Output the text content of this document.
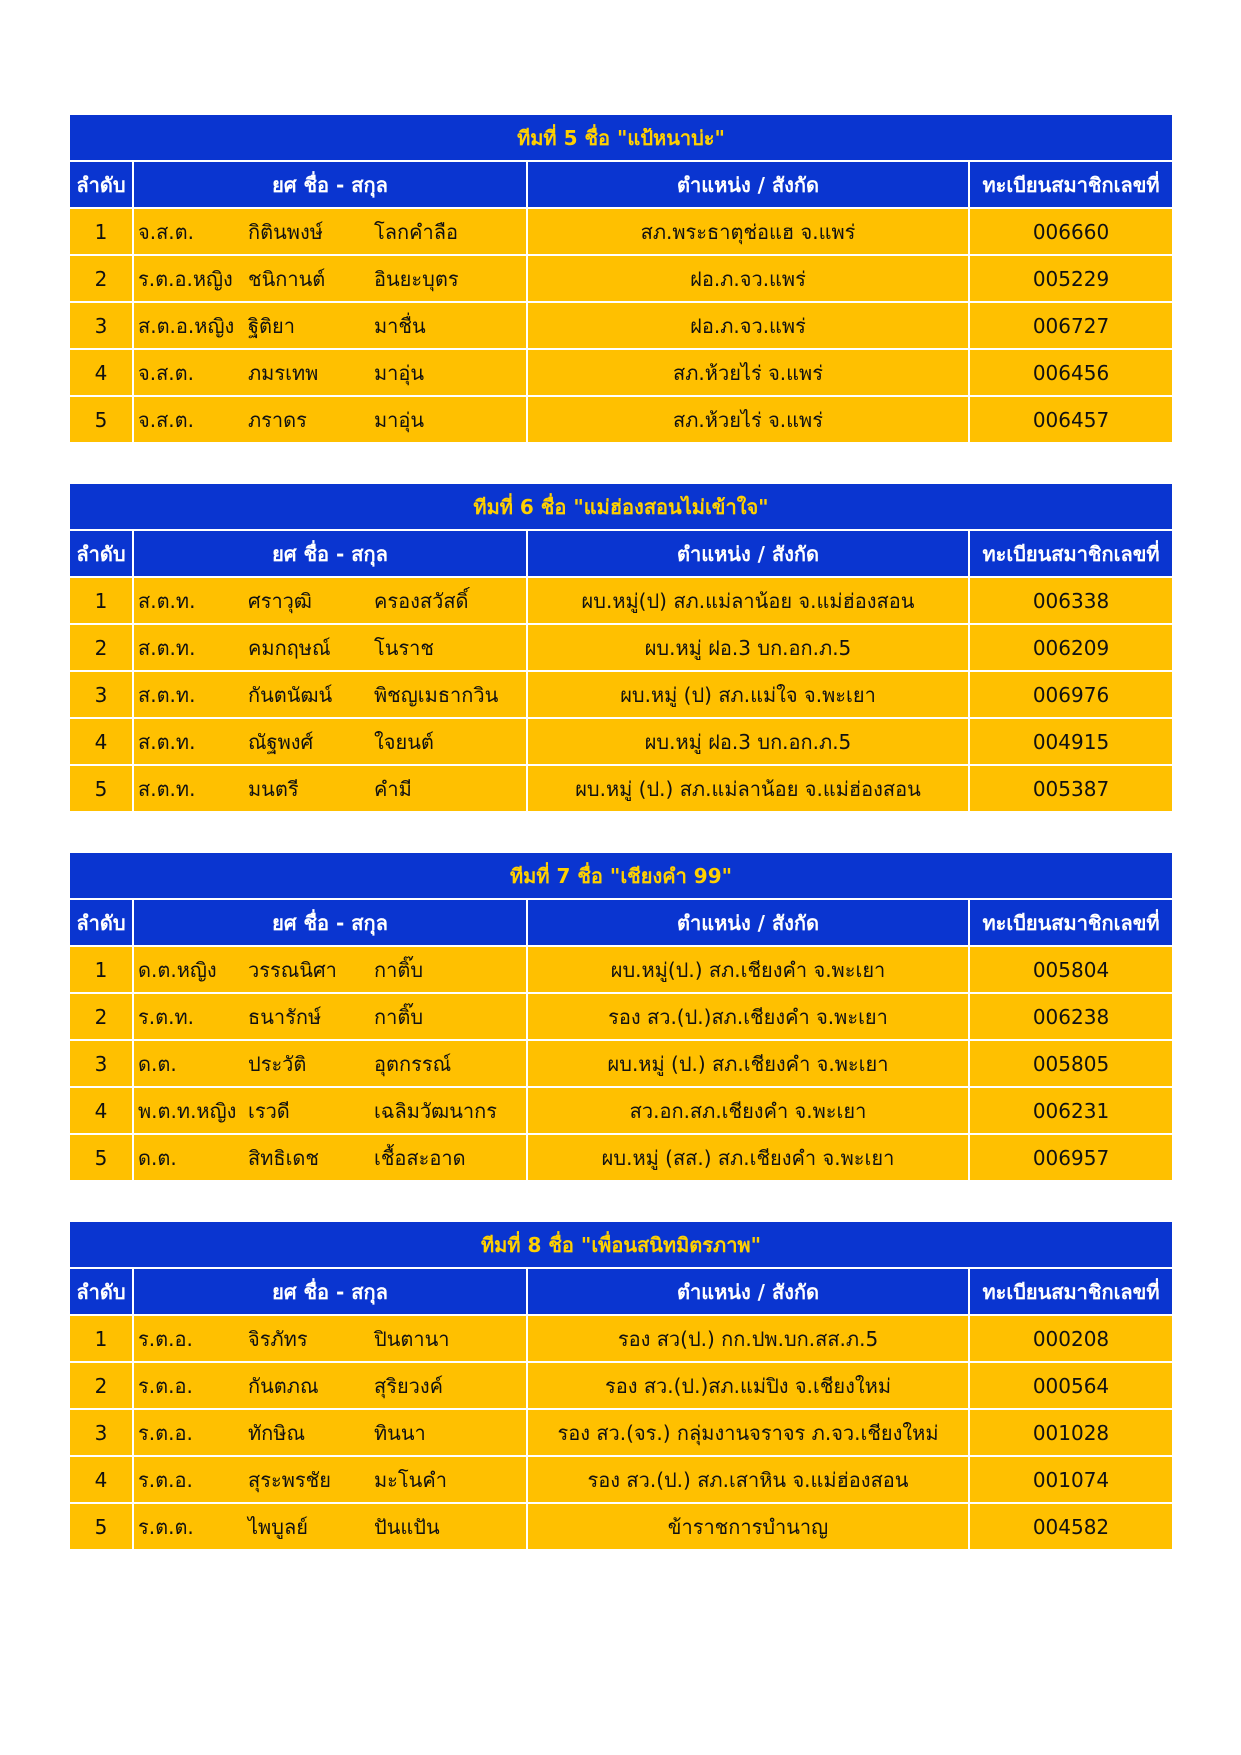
ทีมที่ 5 ชื่อ "แป้หนาบ่ะ"			
ลำดับ	ยศ ชื่อ - สกุล	ตำแหน่ง / สังกัด	ทะเบียนสมาชิกเลขที่
1	จ.ส.ต. กิตินพงษ์ โลกคำลือ	สภ.พระธาตุช่อแฮ จ.แพร่	006660
2	ร.ต.อ.หญิง ชนิกานต์ อินยะบุตร	ฝอ.ภ.จว.แพร่	005229
3	ส.ต.อ.หญิง ฐิติยา มาชื่น	ฝอ.ภ.จว.แพร่	006727
4	จ.ส.ต. ภมรเทพ มาอุ่น	สภ.ห้วยไร่ จ.แพร่	006456
5	จ.ส.ต. ภราดร มาอุ่น	สภ.ห้วยไร่ จ.แพร่	006457
ทีมที่ 6 ชื่อ "แม่ฮ่องสอนไม่เข้าใจ"			
ลำดับ	ยศ ชื่อ - สกุล	ตำแหน่ง / สังกัด	ทะเบียนสมาชิกเลขที่
1	ส.ต.ท. ศราวุฒิ ครองสวัสดิ์	ผบ.หมู่(ป) สภ.แม่ลาน้อย จ.แม่ฮ่องสอน	006338
2	ส.ต.ท. คมกฤษณ์ โนราช	ผบ.หมู่ ฝอ.3 บก.อก.ภ.5	006209
3	ส.ต.ท. กันตนัฒน์ พิชญเมธากวิน	ผบ.หมู่ (ป) สภ.แม่ใจ จ.พะเยา	006976
4	ส.ต.ท. ณัฐพงศ์ ใจยนต์	ผบ.หมู่ ฝอ.3 บก.อก.ภ.5	004915
5	ส.ต.ท. มนตรี คำมี	ผบ.หมู่ (ป.) สภ.แม่ลาน้อย จ.แม่ฮ่องสอน	005387
ทีมที่ 7 ชื่อ "เชียงคำ 99"			
ลำดับ	ยศ ชื่อ - สกุล	ตำแหน่ง / สังกัด	ทะเบียนสมาชิกเลขที่
1	ด.ต.หญิง วรรณนิศา กาติ๊บ	ผบ.หมู่(ป.) สภ.เชียงคำ จ.พะเยา	005804
2	ร.ต.ท. ธนารักษ์ กาติ๊บ	รอง สว.(ป.)สภ.เชียงคำ จ.พะเยา	006238
3	ด.ต. ประวัติ อุตกรรณ์	ผบ.หมู่ (ป.) สภ.เชียงคำ จ.พะเยา	005805
4	พ.ต.ท.หญิง เรวดี เฉลิมวัฒนากร	สว.อก.สภ.เชียงคำ จ.พะเยา	006231
5	ด.ต. สิทธิเดช เชื้อสะอาด	ผบ.หมู่ (สส.) สภ.เชียงคำ จ.พะเยา	006957
ทีมที่ 8 ชื่อ "เพื่อนสนิทมิตรภาพ"			
ลำดับ	ยศ ชื่อ - สกุล	ตำแหน่ง / สังกัด	ทะเบียนสมาชิกเลขที่
1	ร.ต.อ. จิรภัทร ปินตานา	รอง สว(ป.) กก.ปพ.บก.สส.ภ.5	000208
2	ร.ต.อ. กันตภณ สุริยวงค์	รอง สว.(ป.)สภ.แม่ปิง จ.เชียงใหม่	000564
3	ร.ต.อ. ทักษิณ ทินนา	รอง สว.(จร.) กลุ่มงานจราจร ภ.จว.เชียงใหม่	001028
4	ร.ต.อ. สุระพรชัย มะโนคำ	รอง สว.(ป.) สภ.เสาหิน จ.แม่ฮ่องสอน	001074
5	ร.ต.ต. ไพบูลย์ ปันแปัน	ข้าราชการบำนาญ	004582
